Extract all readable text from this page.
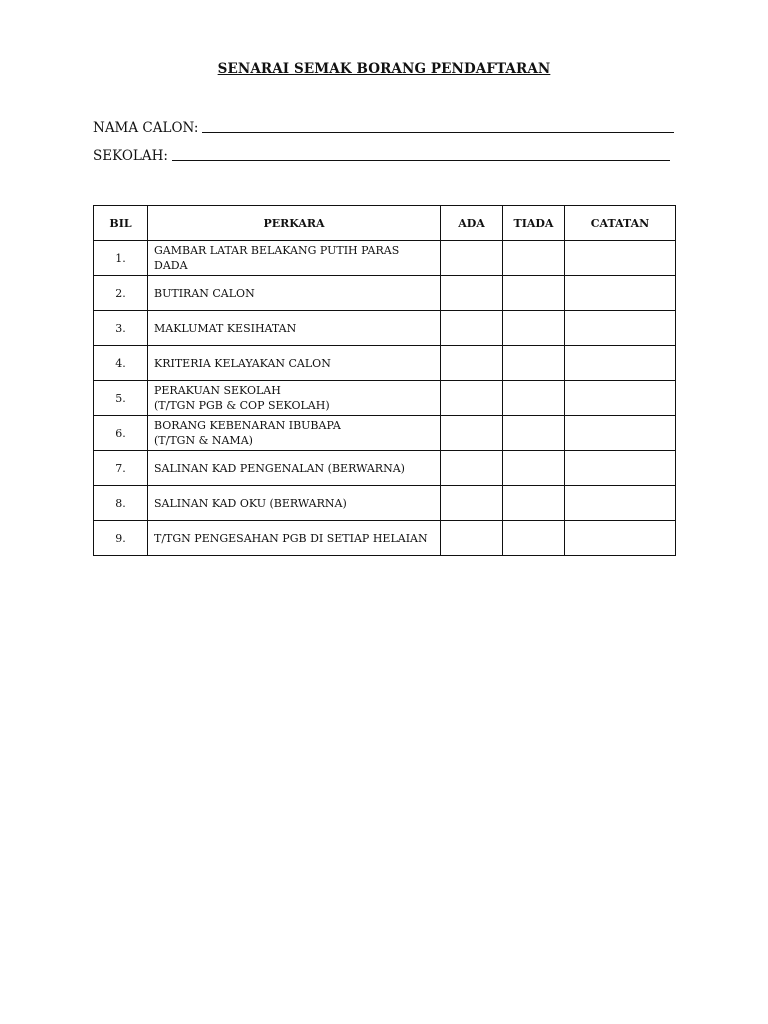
SENARAI SEMAK BORANG PENDAFTARAN
NAMA CALON:
SEKOLAH:
BIL	PERKARA	ADA	TIADA	CATATAN
1.	GAMBAR LATAR BELAKANG PUTIH PARAS DADA			

2.	BUTIRAN CALON			

3.	MAKLUMAT KESIHATAN			

4.	KRITERIA KELAYAKAN CALON			

5.	PERAKUAN SEKOLAH
(T/TGN PGB & COP SEKOLAH)			

6.	BORANG KEBENARAN IBUBAPA
(T/TGN & NAMA)			

7.	SALINAN KAD PENGENALAN (BERWARNA)			

8.	SALINAN KAD OKU (BERWARNA)			

9.	T/TGN PENGESAHAN PGB DI SETIAP HELAIAN			
